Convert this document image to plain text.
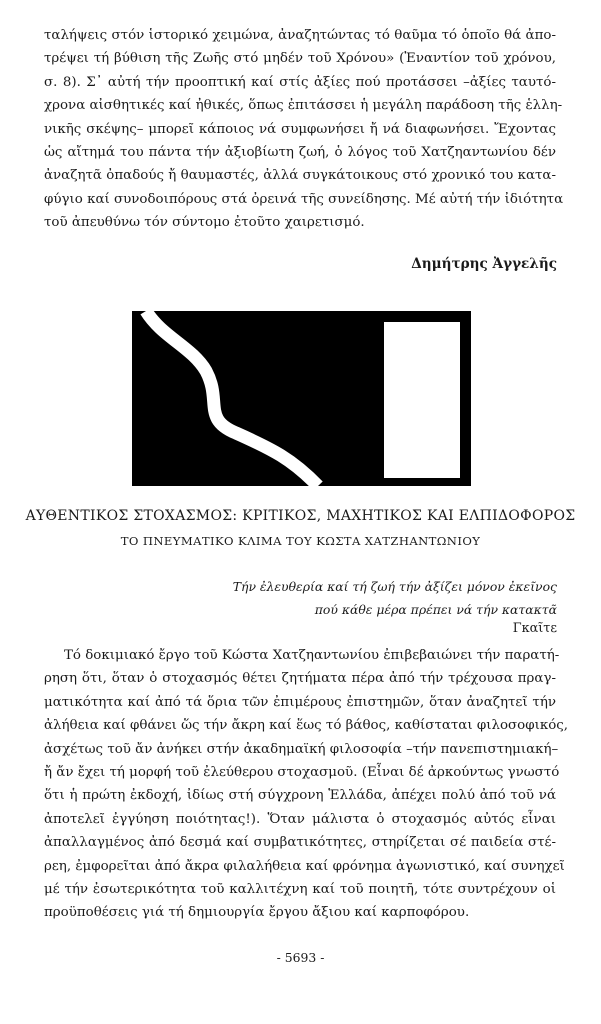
ταλήψεις στόν ἱστορικό χειμώνα, ἀναζητώντας τό θαῦμα τό ὁποῖο θά ἀπο-
τρέψει τή βύθιση τῆς Ζωῆς στό μηδέν τοῦ Χρόνου» (Ἐναντίον τοῦ χρόνου,
σ. 8). Σ᾽ αὐτή τήν προοπτική καί στίς ἀξίες πού προτάσσει –ἀξίες ταυτό-
χρονα αἰσθητικές καί ἠθικές, ὅπως ἐπιτάσσει ἡ μεγάλη παράδοση τῆς ἑλλη-
νικῆς σκέψης– μπορεῖ κάποιος νά συμφωνήσει ἤ νά διαφωνήσει. Ἔχοντας
ὡς αἴτημά του πάντα τήν ἀξιοβίωτη ζωή, ὁ λόγος τοῦ Χατζηαντωνίου δέν
ἀναζητᾶ ὀπαδούς ἤ θαυμαστές, ἀλλά συγκάτοικους στό χρονικό του κατα-
φύγιο καί συνοδοιπόρους στά ὀρεινά τῆς συνείδησης. Μέ αὐτή τήν ἰδιότητα
τοῦ ἀπευθύνω τόν σύντομο ἐτοῦτο χαιρετισμό.
Δημήτρης Ἀγγελῆς
ΑΥΘΕΝΤΙΚΟΣ ΣΤΟΧΑΣΜΟΣ: ΚΡΙΤΙΚΟΣ, ΜΑΧΗΤΙΚΟΣ ΚΑΙ ΕΛΠΙΔΟΦΟΡΟΣ
ΤΟ ΠΝΕΥΜΑΤΙΚΟ ΚΛΙΜΑ ΤΟΥ ΚΩΣΤΑ ΧΑΤΖΗΑΝΤΩΝΙΟΥ
Τήν ἐλευθερία καί τή ζωή τήν ἀξίζει μόνον ἐκεῖνος
πού κάθε μέρα πρέπει νά τήν κατακτᾶ
Γκαῖτε
Τό δοκιμιακό ἔργο τοῦ Κώστα Χατζηαντωνίου ἐπιβεβαιώνει τήν παρατή-
ρηση ὅτι, ὅταν ὁ στοχασμός θέτει ζητήματα πέρα ἀπό τήν τρέχουσα πραγ-
ματικότητα καί ἀπό τά ὅρια τῶν ἐπιμέρους ἐπιστημῶν, ὅταν ἀναζητεῖ τήν
ἀλήθεια καί φθάνει ὥς τήν ἄκρη καί ἕως τό βάθος, καθίσταται φιλοσοφικός,
ἀσχέτως τοῦ ἄν ἀνήκει στήν ἀκαδημαϊκή φιλοσοφία –τήν πανεπιστημιακή–
ἤ ἄν ἔχει τή μορφή τοῦ ἐλεύθερου στοχασμοῦ. (Εἶναι δέ ἀρκούντως γνωστό
ὅτι ἡ πρώτη ἐκδοχή, ἰδίως στή σύγχρονη Ἑλλάδα, ἀπέχει πολύ ἀπό τοῦ νά
ἀποτελεῖ ἐγγύηση ποιότητας!). Ὅταν μάλιστα ὁ στοχασμός αὐτός εἶναι
ἀπαλλαγμένος ἀπό δεσμά καί συμβατικότητες, στηρίζεται σέ παιδεία στέ-
ρεη, ἐμφορεῖται ἀπό ἄκρα φιλαλήθεια καί φρόνημα ἀγωνιστικό, καί συνηχεῖ
μέ τήν ἐσωτερικότητα τοῦ καλλιτέχνη καί τοῦ ποιητῆ, τότε συντρέχουν οἱ
προϋποθέσεις γιά τή δημιουργία ἔργου ἄξιου καί καρποφόρου.
- 5693 -
